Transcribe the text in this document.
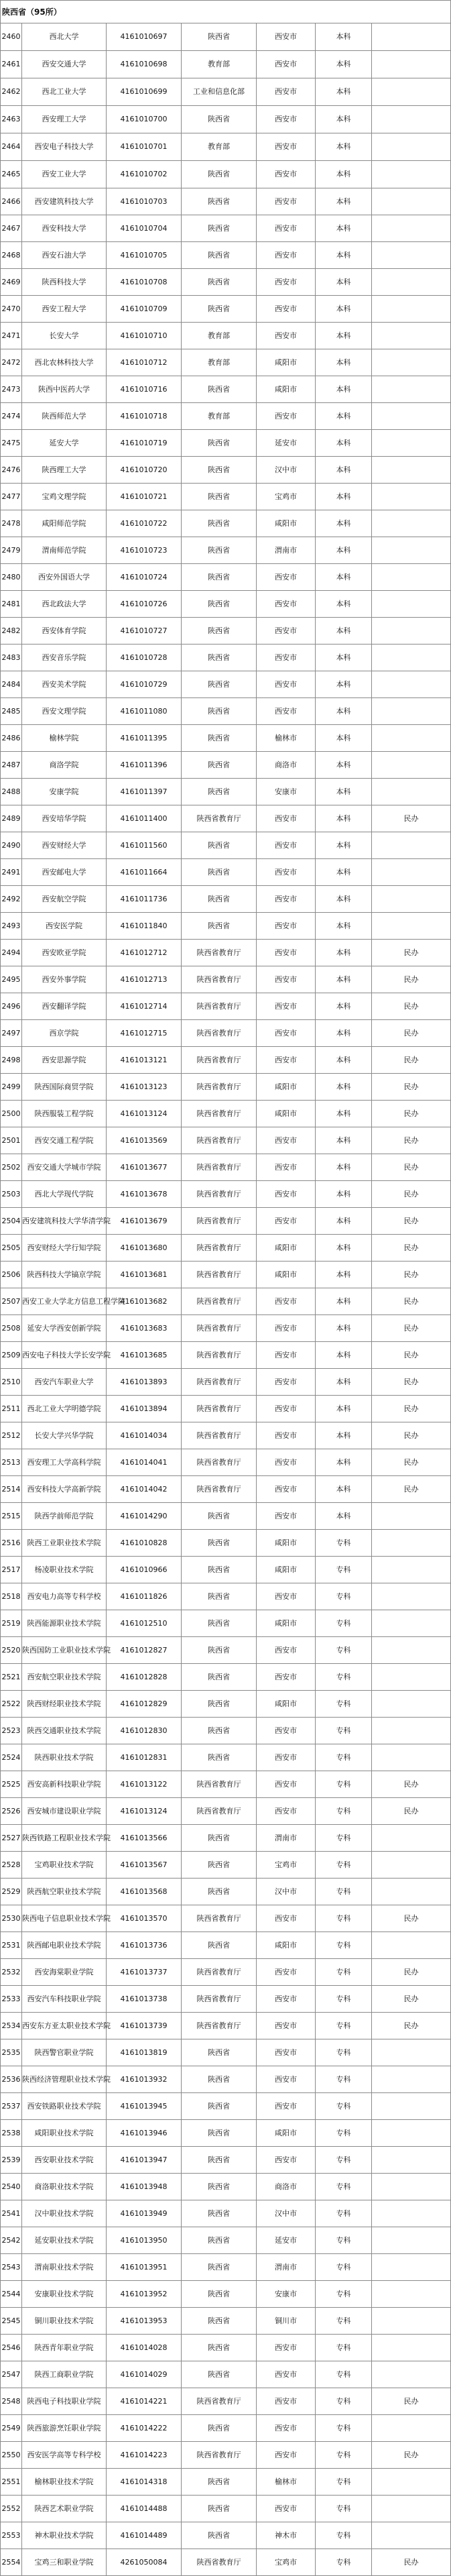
陕西省（95所）						
2460	西北大学	4161010697	陕西省	西安市	本科	
2461	西安交通大学	4161010698	教育部	西安市	本科	
2462	西北工业大学	4161010699	工业和信息化部	西安市	本科	
2463	西安理工大学	4161010700	陕西省	西安市	本科	
2464	西安电子科技大学	4161010701	教育部	西安市	本科	
2465	西安工业大学	4161010702	陕西省	西安市	本科	
2466	西安建筑科技大学	4161010703	陕西省	西安市	本科	
2467	西安科技大学	4161010704	陕西省	西安市	本科	
2468	西安石油大学	4161010705	陕西省	西安市	本科	
2469	陕西科技大学	4161010708	陕西省	西安市	本科	
2470	西安工程大学	4161010709	陕西省	西安市	本科	
2471	长安大学	4161010710	教育部	西安市	本科	
2472	西北农林科技大学	4161010712	教育部	咸阳市	本科	
2473	陕西中医药大学	4161010716	陕西省	咸阳市	本科	
2474	陕西师范大学	4161010718	教育部	西安市	本科	
2475	延安大学	4161010719	陕西省	延安市	本科	
2476	陕西理工大学	4161010720	陕西省	汉中市	本科	
2477	宝鸡文理学院	4161010721	陕西省	宝鸡市	本科	
2478	咸阳师范学院	4161010722	陕西省	咸阳市	本科	
2479	渭南师范学院	4161010723	陕西省	渭南市	本科	
2480	西安外国语大学	4161010724	陕西省	西安市	本科	
2481	西北政法大学	4161010726	陕西省	西安市	本科	
2482	西安体育学院	4161010727	陕西省	西安市	本科	
2483	西安音乐学院	4161010728	陕西省	西安市	本科	
2484	西安美术学院	4161010729	陕西省	西安市	本科	
2485	西安文理学院	4161011080	陕西省	西安市	本科	
2486	榆林学院	4161011395	陕西省	榆林市	本科	
2487	商洛学院	4161011396	陕西省	商洛市	本科	
2488	安康学院	4161011397	陕西省	安康市	本科	
2489	西安培华学院	4161011400	陕西省教育厅	西安市	本科	民办
2490	西安财经大学	4161011560	陕西省	西安市	本科	
2491	西安邮电大学	4161011664	陕西省	西安市	本科	
2492	西安航空学院	4161011736	陕西省	西安市	本科	
2493	西安医学院	4161011840	陕西省	西安市	本科	
2494	西安欧亚学院	4161012712	陕西省教育厅	西安市	本科	民办
2495	西安外事学院	4161012713	陕西省教育厅	西安市	本科	民办
2496	西安翻译学院	4161012714	陕西省教育厅	西安市	本科	民办
2497	西京学院	4161012715	陕西省教育厅	西安市	本科	民办
2498	西安思源学院	4161013121	陕西省教育厅	西安市	本科	民办
2499	陕西国际商贸学院	4161013123	陕西省教育厅	咸阳市	本科	民办
2500	陕西服装工程学院	4161013124	陕西省教育厅	咸阳市	本科	民办
2501	西安交通工程学院	4161013569	陕西省教育厅	西安市	本科	民办
2502	西安交通大学城市学院	4161013677	陕西省教育厅	西安市	本科	民办
2503	西北大学现代学院	4161013678	陕西省教育厅	西安市	本科	民办
2504	西安建筑科技大学华清学院	4161013679	陕西省教育厅	西安市	本科	民办
2505	西安财经大学行知学院	4161013680	陕西省教育厅	咸阳市	本科	民办
2506	陕西科技大学镐京学院	4161013681	陕西省教育厅	咸阳市	本科	民办
2507	西安工业大学北方信息工程学院	4161013682	陕西省教育厅	西安市	本科	民办
2508	延安大学西安创新学院	4161013683	陕西省教育厅	西安市	本科	民办
2509	西安电子科技大学长安学院	4161013685	陕西省教育厅	西安市	本科	民办
2510	西安汽车职业大学	4161013893	陕西省教育厅	西安市	本科	民办
2511	西北工业大学明德学院	4161013894	陕西省教育厅	西安市	本科	民办
2512	长安大学兴华学院	4161014034	陕西省教育厅	西安市	本科	民办
2513	西安理工大学高科学院	4161014041	陕西省教育厅	西安市	本科	民办
2514	西安科技大学高新学院	4161014042	陕西省教育厅	西安市	本科	民办
2515	陕西学前师范学院	4161014290	陕西省	西安市	本科	
2516	陕西工业职业技术学院	4161010828	陕西省	咸阳市	专科	
2517	杨凌职业技术学院	4161010966	陕西省	咸阳市	专科	
2518	西安电力高等专科学校	4161011826	陕西省	西安市	专科	
2519	陕西能源职业技术学院	4161012510	陕西省	咸阳市	专科	
2520	陕西国防工业职业技术学院	4161012827	陕西省	西安市	专科	
2521	西安航空职业技术学院	4161012828	陕西省	西安市	专科	
2522	陕西财经职业技术学院	4161012829	陕西省	咸阳市	专科	
2523	陕西交通职业技术学院	4161012830	陕西省	西安市	专科	
2524	陕西职业技术学院	4161012831	陕西省	西安市	专科	
2525	西安高新科技职业学院	4161013122	陕西省教育厅	西安市	专科	民办
2526	西安城市建设职业学院	4161013124	陕西省教育厅	西安市	专科	民办
2527	陕西铁路工程职业技术学院	4161013566	陕西省	渭南市	专科	
2528	宝鸡职业技术学院	4161013567	陕西省	宝鸡市	专科	
2529	陕西航空职业技术学院	4161013568	陕西省	汉中市	专科	
2530	陕西电子信息职业技术学院	4161013570	陕西省教育厅	西安市	专科	民办
2531	陕西邮电职业技术学院	4161013736	陕西省	咸阳市	专科	
2532	西安海棠职业学院	4161013737	陕西省教育厅	西安市	专科	民办
2533	西安汽车科技职业学院	4161013738	陕西省教育厅	西安市	专科	民办
2534	西安东方亚太职业技术学院	4161013739	陕西省教育厅	西安市	专科	民办
2535	陕西警官职业学院	4161013819	陕西省	西安市	专科	
2536	陕西经济管理职业技术学院	4161013932	陕西省	西安市	专科	
2537	西安铁路职业技术学院	4161013945	陕西省	西安市	专科	
2538	咸阳职业技术学院	4161013946	陕西省	咸阳市	专科	
2539	西安职业技术学院	4161013947	陕西省	西安市	专科	
2540	商洛职业技术学院	4161013948	陕西省	商洛市	专科	
2541	汉中职业技术学院	4161013949	陕西省	汉中市	专科	
2542	延安职业技术学院	4161013950	陕西省	延安市	专科	
2543	渭南职业技术学院	4161013951	陕西省	渭南市	专科	
2544	安康职业技术学院	4161013952	陕西省	安康市	专科	
2545	铜川职业技术学院	4161013953	陕西省	铜川市	专科	
2546	陕西青年职业学院	4161014028	陕西省	西安市	专科	
2547	陕西工商职业学院	4161014029	陕西省	西安市	专科	
2548	陕西电子科技职业学院	4161014221	陕西省教育厅	西安市	专科	民办
2549	陕西旅游烹饪职业学院	4161014222	陕西省	西安市	专科	
2550	西安医学高等专科学校	4161014223	陕西省教育厅	西安市	专科	民办
2551	榆林职业技术学院	4161014318	陕西省	榆林市	专科	
2552	陕西艺术职业学院	4161014488	陕西省	西安市	专科	
2553	神木职业技术学院	4161014489	陕西省	神木市	专科	
2554	宝鸡三和职业学院	4261050084	陕西省教育厅	宝鸡市	专科	民办
